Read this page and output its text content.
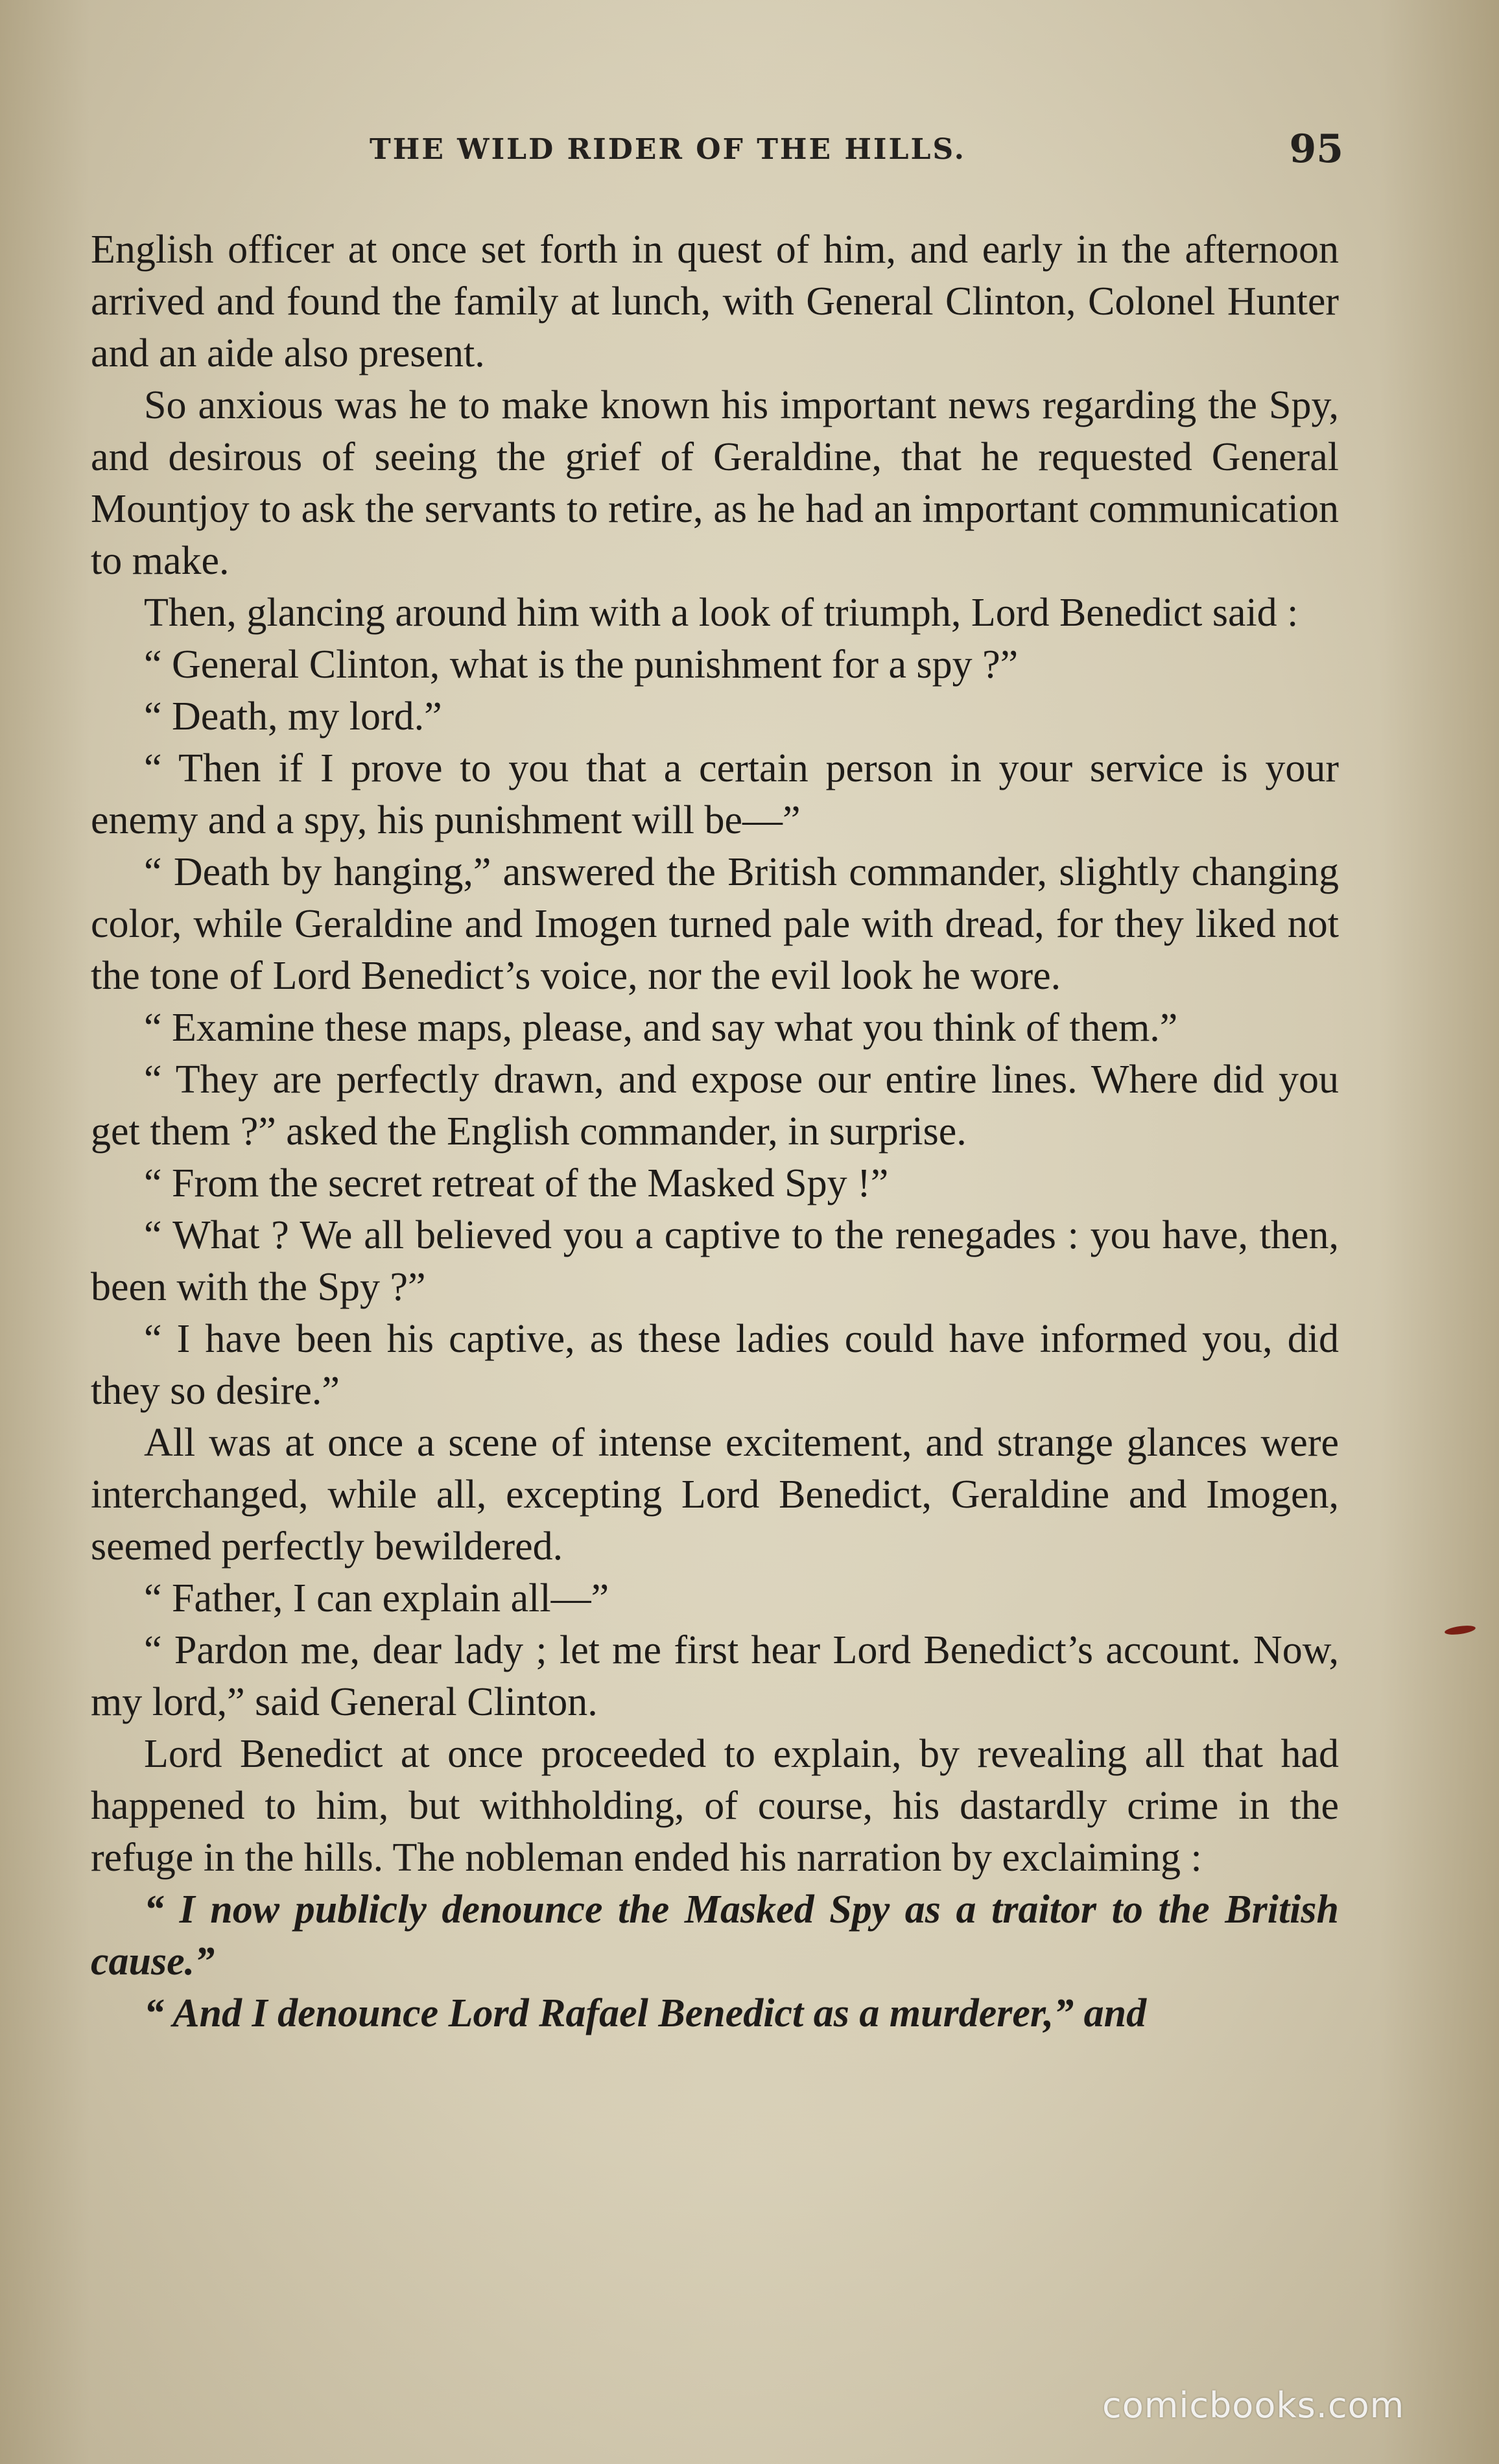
THE WILD RIDER OF THE HILLS.	95

English officer at once set forth in quest of him, and early in the afternoon arrived and found the family at lunch, with General Clinton, Colonel Hunter and an aide also present.

So anxious was he to make known his important news regarding the Spy, and desirous of seeing the grief of Geraldine, that he requested General Mountjoy to ask the servants to retire, as he had an important communication to make.

Then, glancing around him with a look of triumph, Lord Benedict said :

“ General Clinton, what is the punishment for a spy ?”

“ Death, my lord.”

“ Then if I prove to you that a certain person in your service is your enemy and a spy, his punishment will be—”

“ Death by hanging,” answered the British commander, slightly changing color, while Geraldine and Imogen turned pale with dread, for they liked not the tone of Lord Benedict’s voice, nor the evil look he wore.

“ Examine these maps, please, and say what you think of them.”

“ They are perfectly drawn, and expose our entire lines. Where did you get them ?” asked the English commander, in surprise.

“ From the secret retreat of the Masked Spy !”

“ What ? We all believed you a captive to the renegades : you have, then, been with the Spy ?”

“ I have been his captive, as these ladies could have informed you, did they so desire.”

All was at once a scene of intense excitement, and strange glances were interchanged, while all, excepting Lord Benedict, Geraldine and Imogen, seemed perfectly bewildered.

“ Father, I can explain all—”

“ Pardon me, dear lady ; let me first hear Lord Benedict’s account. Now, my lord,” said General Clinton.

Lord Benedict at once proceeded to explain, by revealing all that had happened to him, but withholding, of course, his dastardly crime in the refuge in the hills. The nobleman ended his narration by exclaiming :

“ I now publicly denounce the Masked Spy as a traitor to the British cause.”

“ And I denounce Lord Rafael Benedict as a murderer,” and

comicbooks.com
